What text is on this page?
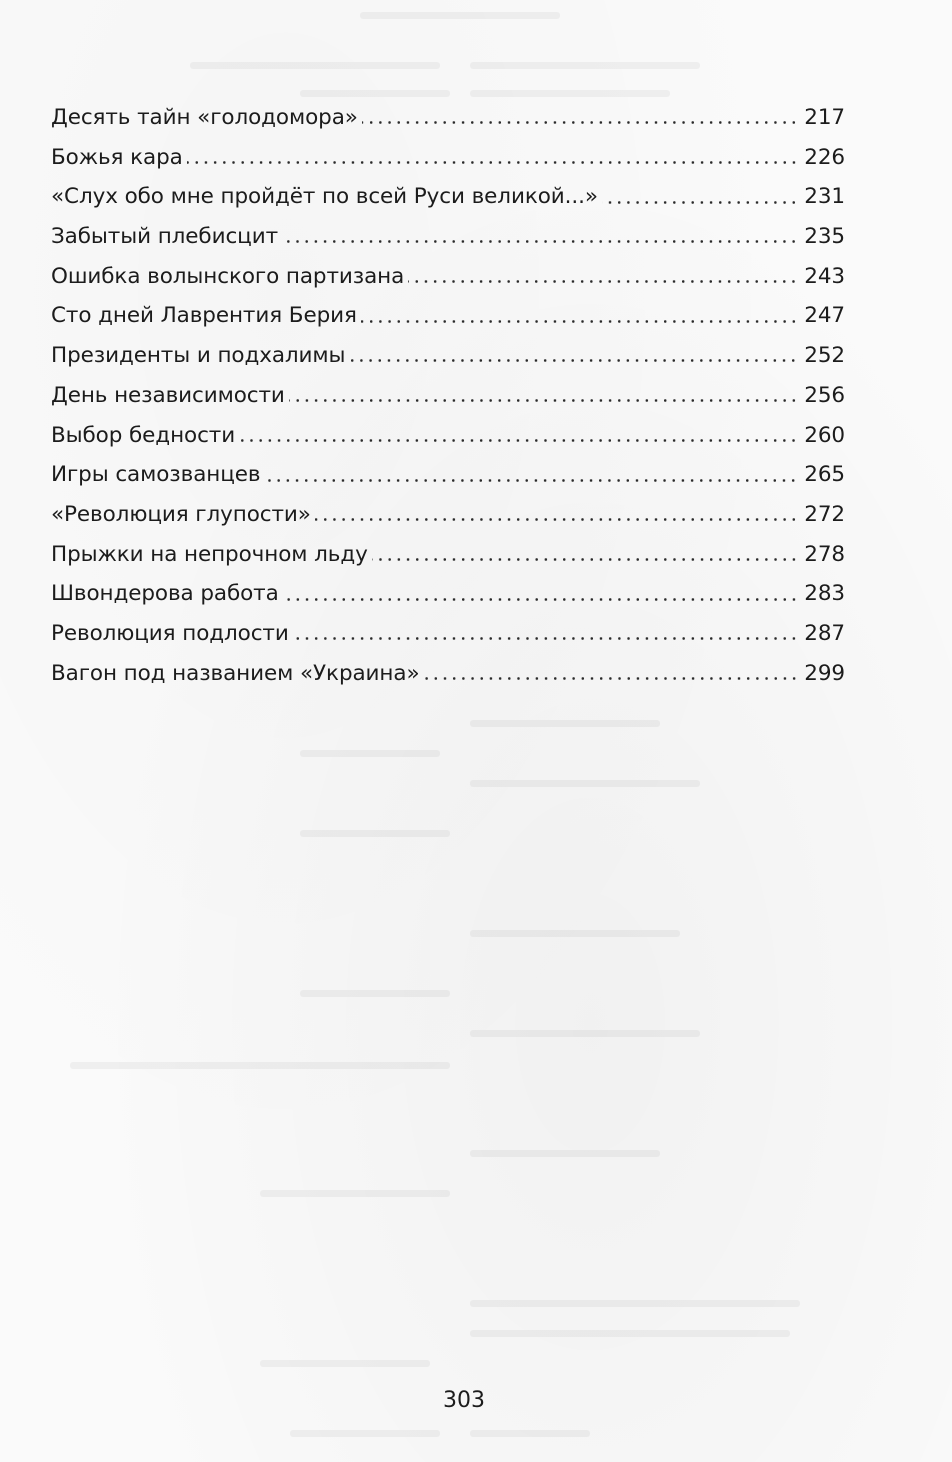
Десять тайн «голодомора»	217
Божья кара	226
«Слух обо мне пройдёт по всей Руси великой...»	231
Забытый плебисцит	235
Ошибка волынского партизана	243
Сто дней Лаврентия Берия	247
Президенты и подхалимы	252
День независимости	256
Выбор бедности	260
Игры самозванцев	265
«Революция глупости»	272
Прыжки на непрочном льду	278
Швондерова работа	283
Революция подлости	287
Вагон под названием «Украина»	299
303
